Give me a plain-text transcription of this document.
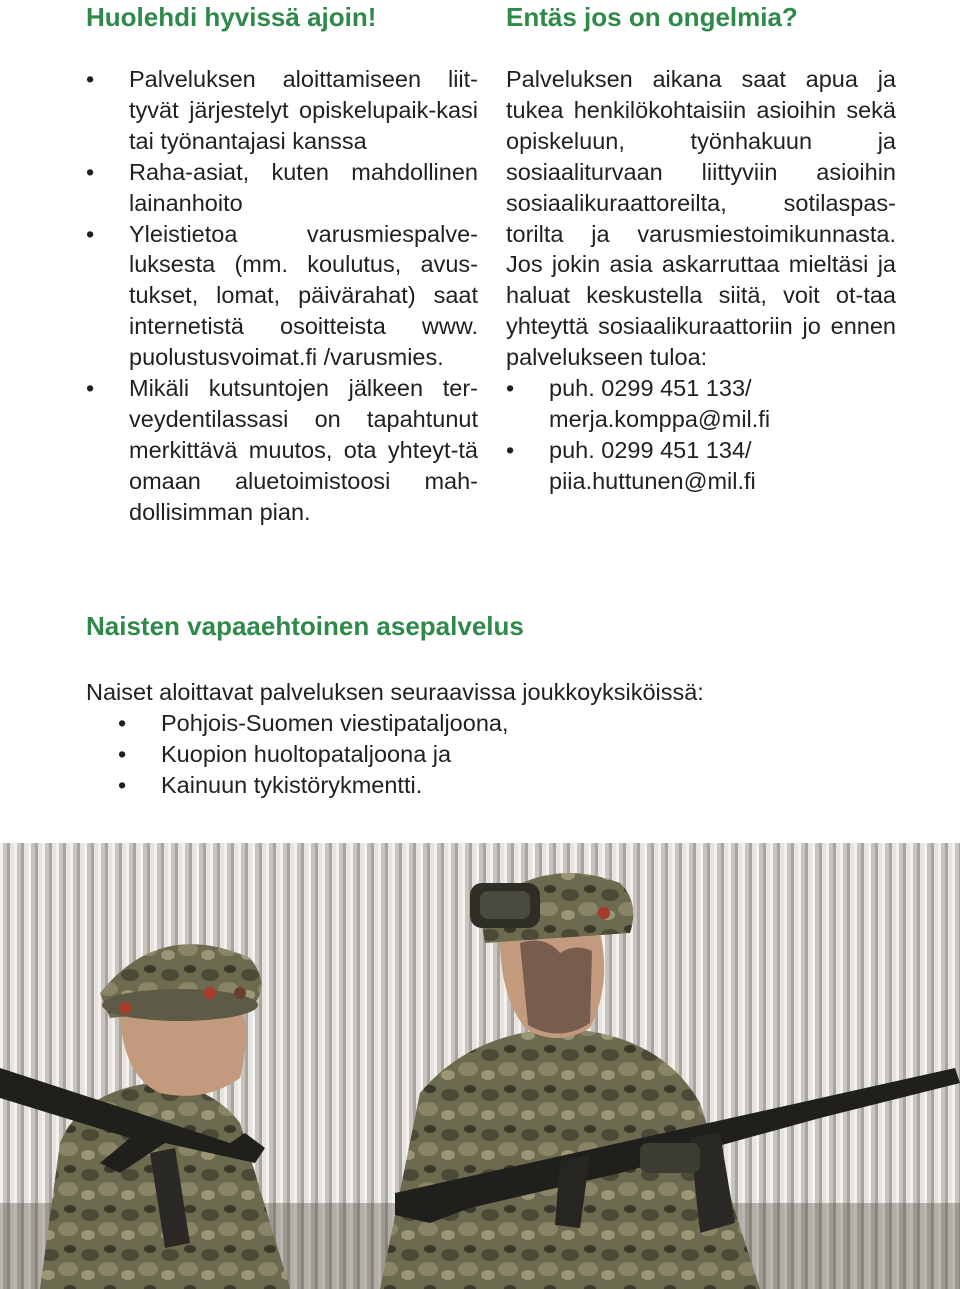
Huolehdi hyvissä ajoin!
• Palveluksen aloittamiseen liit-tyvät järjestelyt opiskelupaik-kasi tai työnantajasi kanssa
• Raha-asiat, kuten mahdollinen lainanhoito
• Yleistietoa varusmiespalve-luksesta (mm. koulutus, avus-tukset, lomat, päivärahat) saat internetistä osoitteista www. puolustusvoimat.fi /varusmies.
• Mikäli kutsuntojen jälkeen ter-veydentilassasi on tapahtunut merkittävä muutos, ota yhteyt-tä omaan aluetoimistoosi mah-dollisimman pian.
Entäs jos on ongelmia?

Palveluksen aikana saat apua ja tukea henkilökohtaisiin asioihin sekä opiskeluun, työnhakuun ja sosiaaliturvaan liittyviin asioihin sosiaalikuraattoreilta, sotilaspas-torilta ja varusmiestoimikunnasta. Jos jokin asia askarruttaa mieltäsi ja haluat keskustella siitä, voit ot-taa yhteyttä sosiaalikuraattoriin jo ennen palvelukseen tuloa:

• puh. 0299 451 133/
merja.komppa@mil.fi
• puh. 0299 451 134/
piia.huttunen@mil.fi
Naisten vapaaehtoinen asepalvelus

Naiset aloittavat palveluksen seuraavissa joukkoyksiköissä:

• Pohjois-Suomen viestipataljoona,
• Kuopion huoltopataljoona ja
• Kainuun tykistörykmentti.
